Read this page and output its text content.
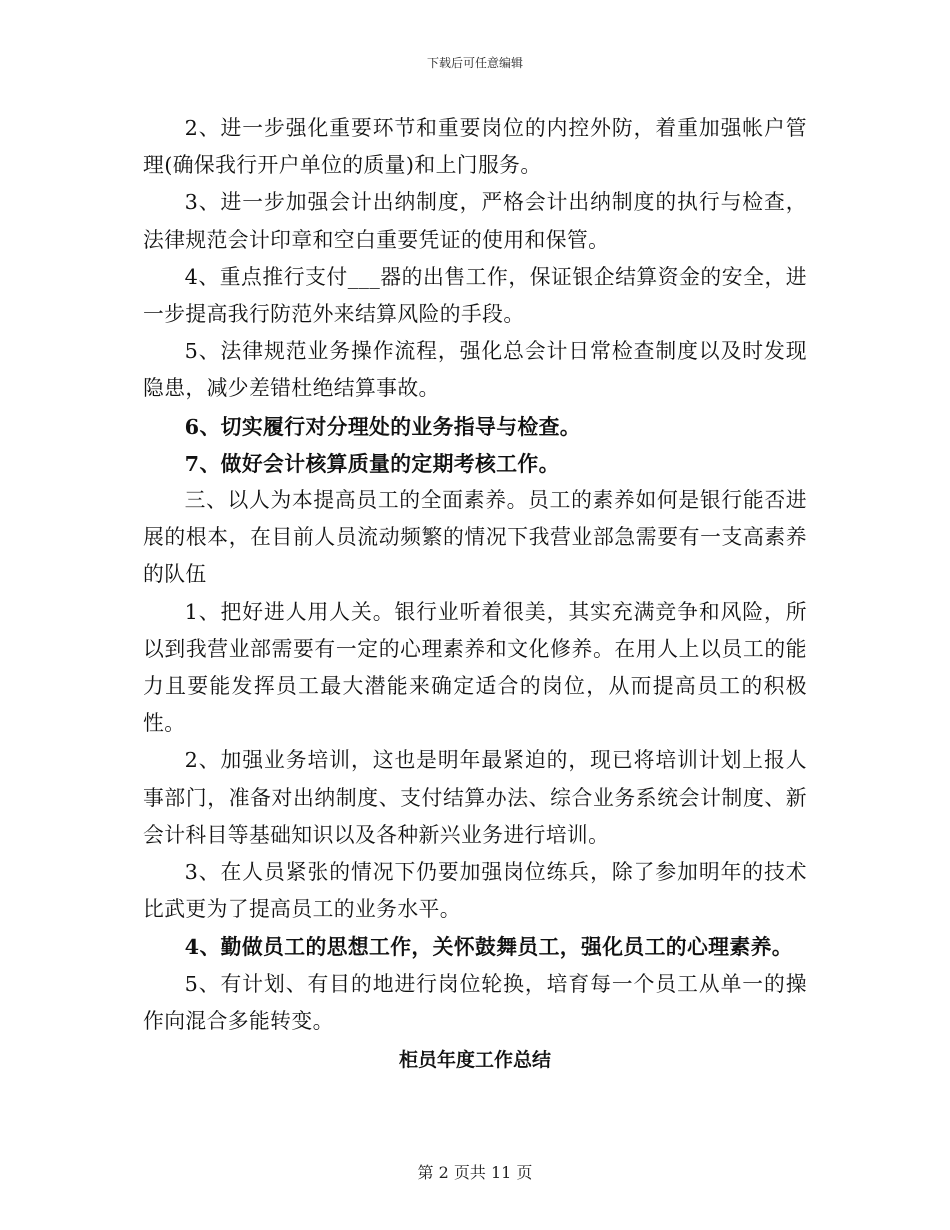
下载后可任意编辑

2、进一步强化重要环节和重要岗位的内控外防，着重加强帐户管理(确保我行开户单位的质量)和上门服务。

3、进一步加强会计出纳制度，严格会计出纳制度的执行与检查，法律规范会计印章和空白重要凭证的使用和保管。

4、重点推行支付___器的出售工作，保证银企结算资金的安全，进一步提高我行防范外来结算风险的手段。

5、法律规范业务操作流程，强化总会计日常检查制度以及时发现隐患，减少差错杜绝结算事故。

6、切实履行对分理处的业务指导与检查。

7、做好会计核算质量的定期考核工作。

三、以人为本提高员工的全面素养。员工的素养如何是银行能否进展的根本，在目前人员流动频繁的情况下我营业部急需要有一支高素养的队伍

1、把好进人用人关。银行业听着很美，其实充满竞争和风险，所以到我营业部需要有一定的心理素养和文化修养。在用人上以员工的能力且要能发挥员工最大潜能来确定适合的岗位，从而提高员工的积极性。

2、加强业务培训，这也是明年最紧迫的，现已将培训计划上报人事部门，准备对出纳制度、支付结算办法、综合业务系统会计制度、新会计科目等基础知识以及各种新兴业务进行培训。

3、在人员紧张的情况下仍要加强岗位练兵，除了参加明年的技术比武更为了提高员工的业务水平。

4、勤做员工的思想工作，关怀鼓舞员工，强化员工的心理素养。

5、有计划、有目的地进行岗位轮换，培育每一个员工从单一的操作向混合多能转变。

柜员年度工作总结

第 2 页共 11 页
